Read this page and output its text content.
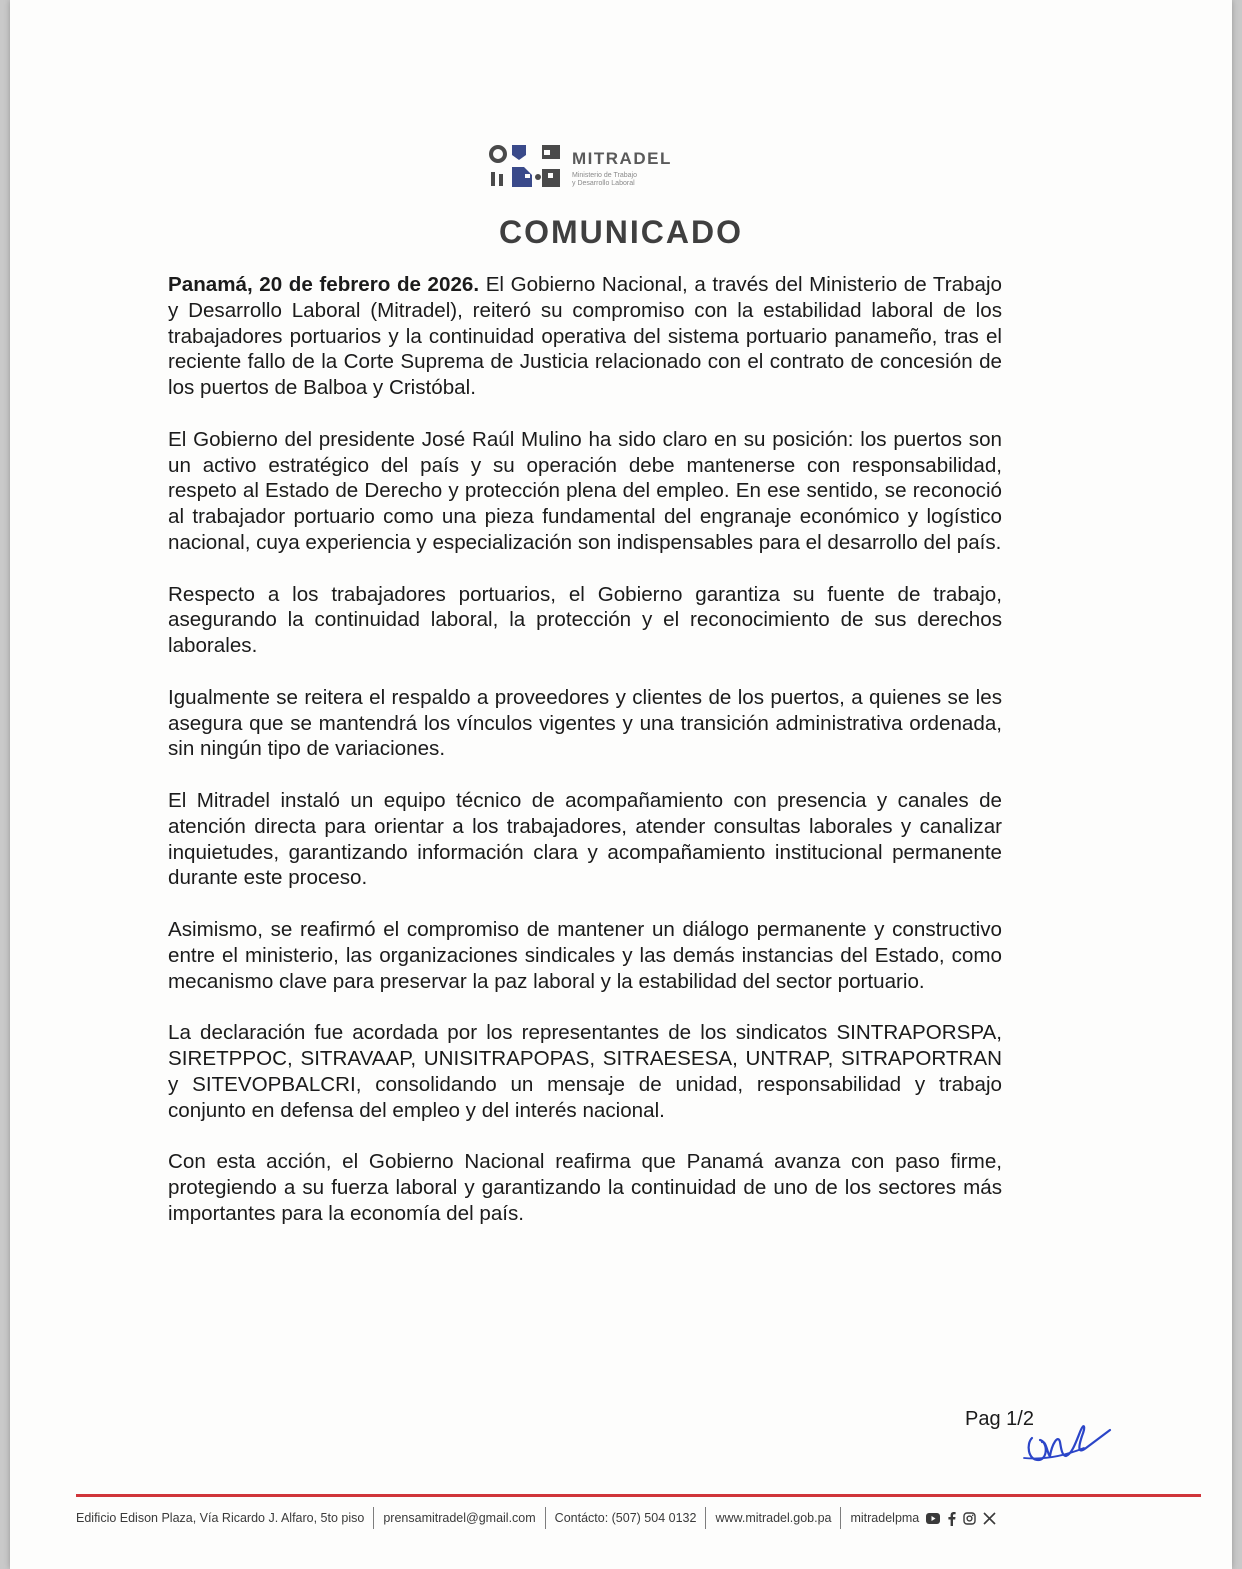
MITRADEL
Ministerio de Trabajo
y Desarrollo Laboral
COMUNICADO

Panamá, 20 de febrero de 2026. El Gobierno Nacional, a través del Ministerio de Trabajo y Desarrollo Laboral (Mitradel), reiteró su compromiso con la estabilidad laboral de los trabajadores portuarios y la continuidad operativa del sistema portuario panameño, tras el reciente fallo de la Corte Suprema de Justicia relacionado con el contrato de concesión de los puertos de Balboa y Cristóbal.

El Gobierno del presidente José Raúl Mulino ha sido claro en su posición: los puertos son un activo estratégico del país y su operación debe mantenerse con responsabilidad, respeto al Estado de Derecho y protección plena del empleo. En ese sentido, se reconoció al trabajador portuario como una pieza fundamental del engranaje económico y logístico nacional, cuya experiencia y especialización son indispensables para el desarrollo del país.

Respecto a los trabajadores portuarios, el Gobierno garantiza su fuente de trabajo, asegurando la continuidad laboral, la protección y el reconocimiento de sus derechos laborales.

Igualmente se reitera el respaldo a proveedores y clientes de los puertos, a quienes se les asegura que se mantendrá los vínculos vigentes y una transición administrativa ordenada, sin ningún tipo de variaciones.

El Mitradel instaló un equipo técnico de acompañamiento con presencia y canales de atención directa para orientar a los trabajadores, atender consultas laborales y canalizar inquietudes, garantizando información clara y acompañamiento institucional permanente durante este proceso.

Asimismo, se reafirmó el compromiso de mantener un diálogo permanente y constructivo entre el ministerio, las organizaciones sindicales y las demás instancias del Estado, como mecanismo clave para preservar la paz laboral y la estabilidad del sector portuario.

La declaración fue acordada por los representantes de los sindicatos SINTRAPORSPA, SIRETPPOC, SITRAVAAP, UNISITRAPOPAS, SITRAESESA, UNTRAP, SITRAPORTRAN y SITEVOPBALCRI, consolidando un mensaje de unidad, responsabilidad y trabajo conjunto en defensa del empleo y del interés nacional.

Con esta acción, el Gobierno Nacional reafirma que Panamá avanza con paso firme, protegiendo a su fuerza laboral y garantizando la continuidad de uno de los sectores más importantes para la economía del país.

Pag 1/2
Edificio Edison Plaza, Vía Ricardo J. Alfaro, 5to piso prensamitradel@gmail.com Contácto: (507) 504 0132 www.mitradel.gob.pa mitradelpma
